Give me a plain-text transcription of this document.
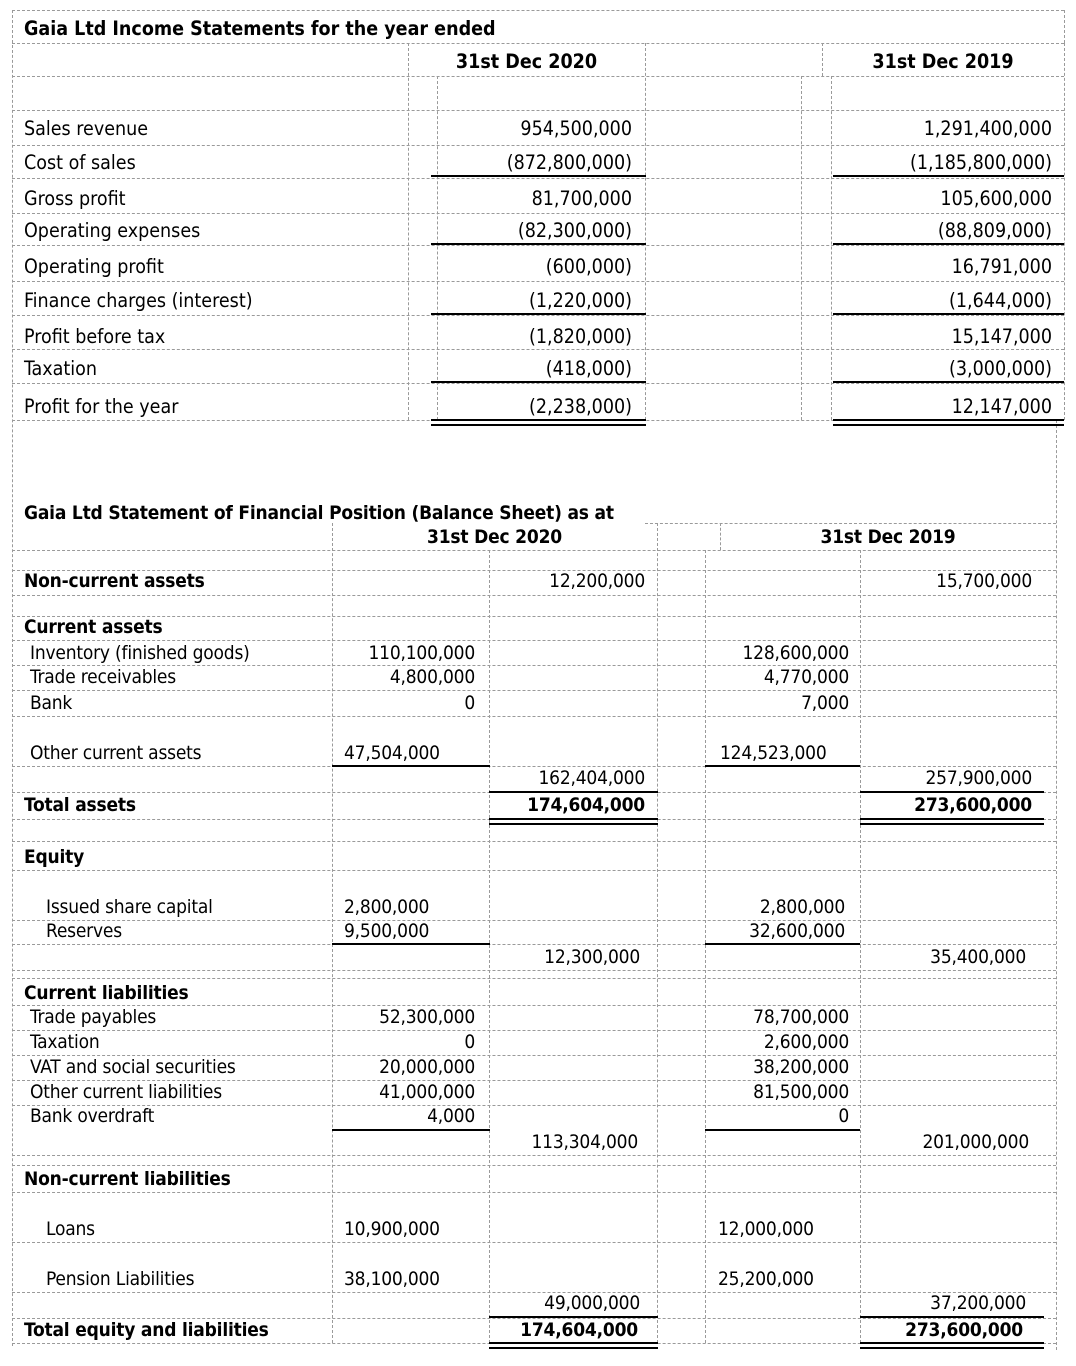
Gaia Ltd Income Statements for the year ended
31st Dec 2020	31st Dec 2019
Sales revenue	954,500,000	1,291,400,000
Cost of sales	(872,800,000)	(1,185,800,000)
Gross profit	81,700,000	105,600,000
Operating expenses	(82,300,000)	(88,809,000)
Operating profit	(600,000)	16,791,000
Finance charges (interest)	(1,220,000)	(1,644,000)
Profit before tax	(1,820,000)	15,147,000
Taxation	(418,000)	(3,000,000)
Profit for the year	(2,238,000)	12,147,000
Gaia Ltd Statement of Financial Position (Balance Sheet) as at
31st Dec 2020	31st Dec 2019
Non-current assets	12,200,000	15,700,000
Current assets
Inventory (finished goods)	110,100,000	128,600,000
Trade receivables	4,800,000	4,770,000
Bank	0	7,000
Other current assets	47,504,000	124,523,000
162,404,000	257,900,000
Total assets	174,604,000	273,600,000
Equity
Issued share capital	2,800,000	2,800,000
Reserves	9,500,000	32,600,000
12,300,000	35,400,000
Current liabilities
Trade payables	52,300,000	78,700,000
Taxation	0	2,600,000
VAT and social securities	20,000,000	38,200,000
Other current liabilities	41,000,000	81,500,000
Bank overdraft	4,000	0
113,304,000	201,000,000
Non-current liabilities
Loans	10,900,000	12,000,000
Pension Liabilities	38,100,000	25,200,000
49,000,000	37,200,000
Total equity and liabilities	174,604,000	273,600,000
